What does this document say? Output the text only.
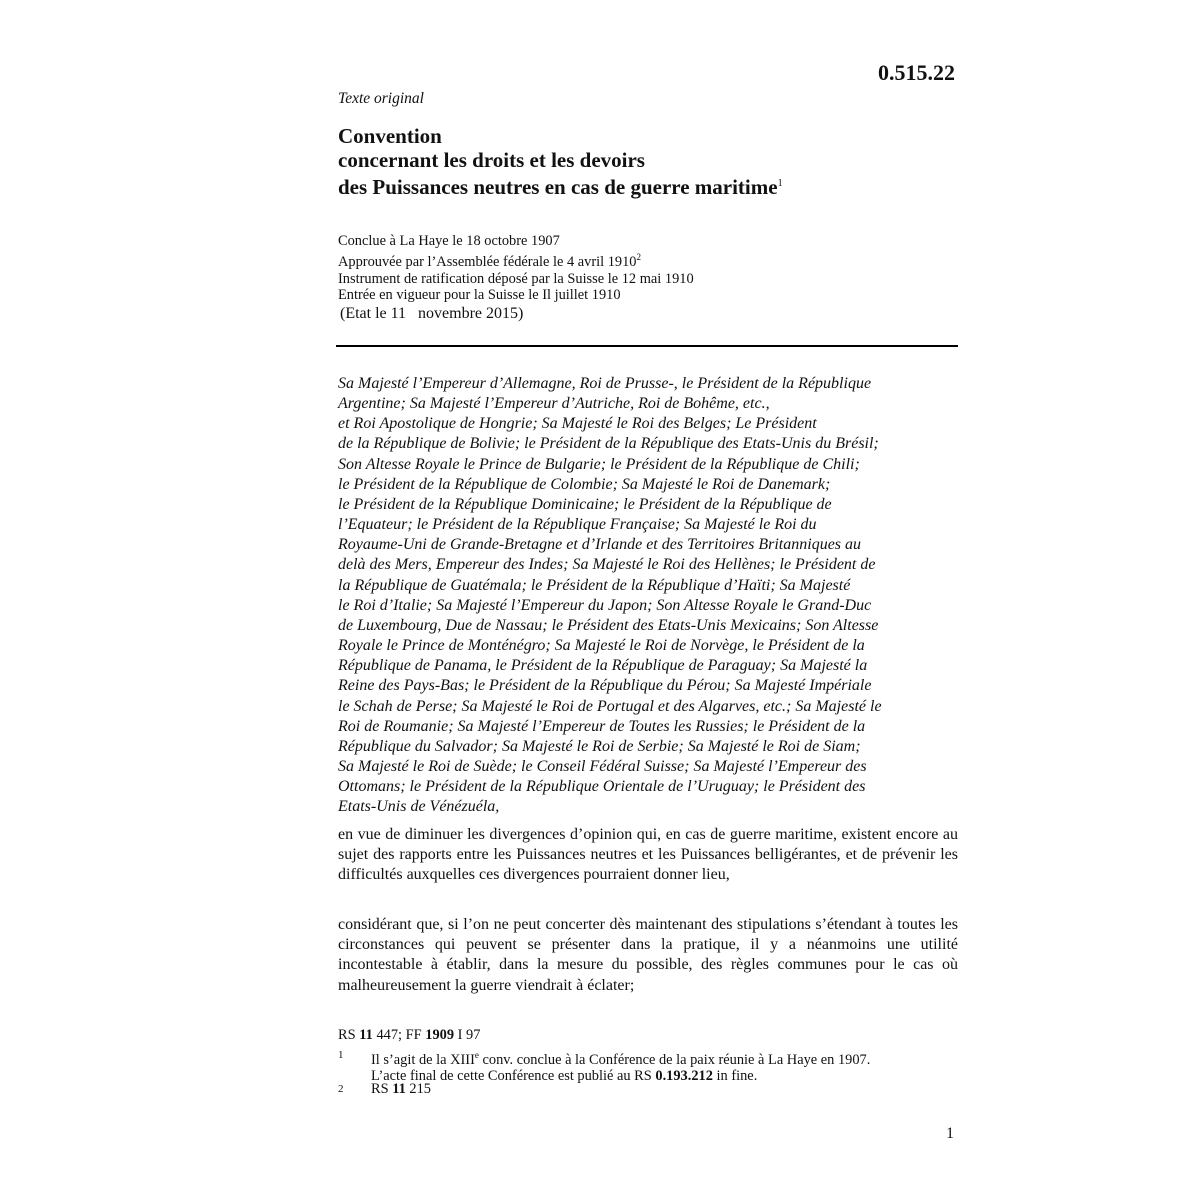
0.515.22
Texte original
Convention
concernant les droits et les devoirs
des Puissances neutres en cas de guerre maritime$^1$
Conclue à La Haye le 18 octobre 1907
Approuvée par l’Assemblée fédérale le 4 avril 1910$^2$
Instrument de ratification déposé par la Suisse le 12 mai 1910
Entrée en vigueur pour la Suisse le Il juillet 1910
(Etat le 11   novembre 2015)
Sa Majesté l’Empereur d’Allemagne, Roi de Prusse-, le Président de la République
Argentine; Sa Majesté l’Empereur d’Autriche, Roi de Bohême, etc.,
et Roi Apostolique de Hongrie; Sa Majesté le Roi des Belges; Le Président
de la République de Bolivie; le Président de la République des Etats-Unis du Brésil;
Son Altesse Royale le Prince de Bulgarie; le Président de la République de Chili;
le Président de la République de Colombie; Sa Majesté le Roi de Danemark;
le Président de la République Dominicaine; le Président de la République de
l’Equateur; le Président de la République Française; Sa Majesté le Roi du
Royaume-Uni de Grande-Bretagne et d’Irlande et des Territoires Britanniques au
delà des Mers, Empereur des Indes; Sa Majesté le Roi des Hellènes; le Président de
la République de Guatémala; le Président de la République d’Haïti; Sa Majesté
le Roi d’Italie; Sa Majesté l’Empereur du Japon; Son Altesse Royale le Grand-Duc
de Luxembourg, Due de Nassau; le Président des Etats-Unis Mexicains; Son Altesse
Royale le Prince de Monténégro; Sa Majesté le Roi de Norvège, le Président de la
République de Panama, le Président de la République de Paraguay; Sa Majesté la
Reine des Pays-Bas; le Président de la République du Pérou; Sa Majesté Impériale
le Schah de Perse; Sa Majesté le Roi de Portugal et des Algarves, etc.; Sa Majesté le
Roi de Roumanie; Sa Majesté l’Empereur de Toutes les Russies; le Président de la
République du Salvador; Sa Majesté le Roi de Serbie; Sa Majesté le Roi de Siam;
Sa Majesté le Roi de Suède; le Conseil Fédéral Suisse; Sa Majesté l’Empereur des
Ottomans; le Président de la République Orientale de l’Uruguay; le Président des
Etats-Unis de Vénézuéla,
en vue de diminuer les divergences d’opinion qui, en cas de guerre maritime, existent encore au sujet des rapports entre les Puissances neutres et les Puissances belligérantes, et de prévenir les difficultés auxquelles ces divergences pourraient donner lieu,
considérant que, si l’on ne peut concerter dès maintenant des stipulations s’étendant à toutes les circonstances qui peuvent se présenter dans la pratique, il y a néanmoins une utilité incontestable à établir, dans la mesure du possible, des règles communes pour le cas où malheureusement la guerre viendrait à éclater;
RS 11 447; FF 1909 I 97
1 Il s’agit de la XIIIe conv. conclue à la Conférence de la paix réunie à La Haye en 1907.
L’acte final de cette Conférence est publié au RS 0.193.212 in fine.
2 RS 11 215
1
